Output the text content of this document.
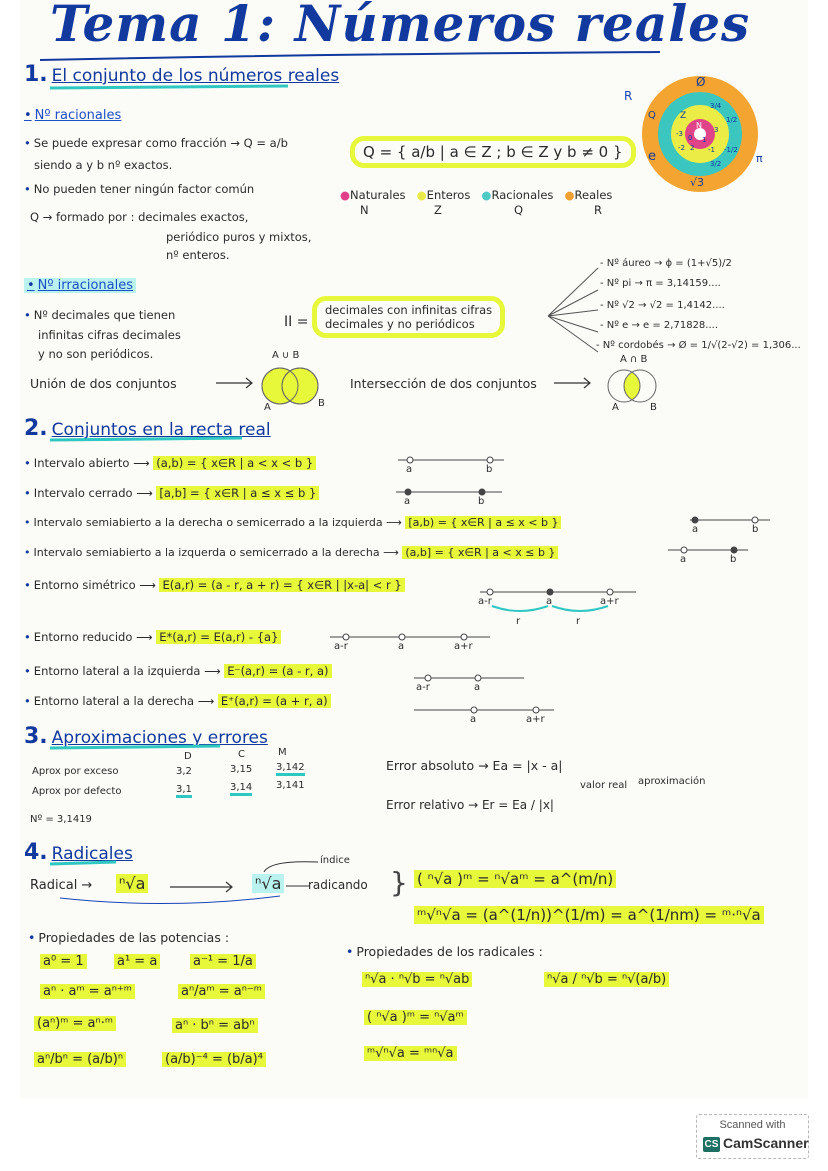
Tema 1: Números reales
1. El conjunto de los números reales
• Nº racionales
• Se puede expresar como fracción → Q = a/b
siendo a y b nº exactos.
• No pueden tener ningún factor común
Q → formado por : decimales exactos,
periódico puros y mixtos,
nº enteros.
Q = { a/b | a ∈ Z ; b ∈ Z y b ≠ 0 }
●Naturales ●Enteros ●Racionales ●Reales
N	Z	Q	R
R
Q	Z
N
e	π
√3
Ø
-3
3/4
1/2
-1/2
-1
0 1
3
2
-2
3/2
• Nº irracionales
• Nº decimales que tienen
infinitas cifras decimales
y no son periódicos.
II =
decimales con infinitas cifras
decimales y no periódicos
- Nº áureo → ϕ = (1+√5)/2
- Nº pi → π = 3,14159....
- Nº √2 → √2 = 1,4142....
- Nº e → e = 2,71828....
- Nº cordobés → Ø = 1/√(2-√2) = 1,306...
Unión de dos conjuntos
A ∪ B
A	B
Intersección de dos conjuntos
A ∩ B
A	B
2. Conjuntos en la recta real
• Intervalo abierto ⟶ (a,b) = { x∈R | a < x < b }
• Intervalo cerrado ⟶ [a,b] = { x∈R | a ≤ x ≤ b }
• Intervalo semiabierto a la derecha o semicerrado a la izquierda ⟶ [a,b) = { x∈R | a ≤ x < b }
• Intervalo semiabierto a la izquerda o semicerrado a la derecha ⟶ (a,b] = { x∈R | a < x ≤ b }
• Entorno simétrico ⟶ E(a,r) = (a - r, a + r) = { x∈R | |x-a| < r }
• Entorno reducido ⟶ E*(a,r) = E(a,r) - {a}
• Entorno lateral a la izquierda ⟶ E⁻(a,r) = (a - r, a)
• Entorno lateral a la derecha ⟶ E⁺(a,r) = (a + r, a)
a	b
a	b
a	b
a	b
a-r	a	a+r
r	r
a-r	a	a+r
a-r	a
a	a+r
3. Aproximaciones y errores
D	C	M
Aprox por exceso	3,2	3,15 3,142
Aprox por defecto	3,1	3,14 3,141
Nº = 3,1419
Error absoluto → Ea = |x - a|
valor real aproximación
Error relativo → Er = Ea / |x|
4. Radicales
Radical → ⁿ√a	ⁿ√a
índice
radicando } ( ⁿ√a )ᵐ = ⁿ√aᵐ = a^(m/n)
ᵐ√ⁿ√a = (a^(1/n))^(1/m) = a^(1/nm) = ᵐ·ⁿ√a
• Propiedades de las potencias :
a⁰ = 1	a¹ = a	a⁻¹ = 1/a
aⁿ · aᵐ = aⁿ⁺ᵐ	aⁿ/aᵐ = aⁿ⁻ᵐ
(aⁿ)ᵐ = aⁿ·ᵐ	aⁿ · bⁿ = abⁿ
aⁿ/bⁿ = (a/b)ⁿ	(a/b)⁻⁴ = (b/a)⁴
• Propiedades de los radicales :
ⁿ√a · ⁿ√b = ⁿ√ab	ⁿ√a / ⁿ√b = ⁿ√(a/b)
( ⁿ√a )ᵐ = ⁿ√aᵐ
ᵐ√ⁿ√a = ᵐⁿ√a
Scanned with
CS CamScanner
